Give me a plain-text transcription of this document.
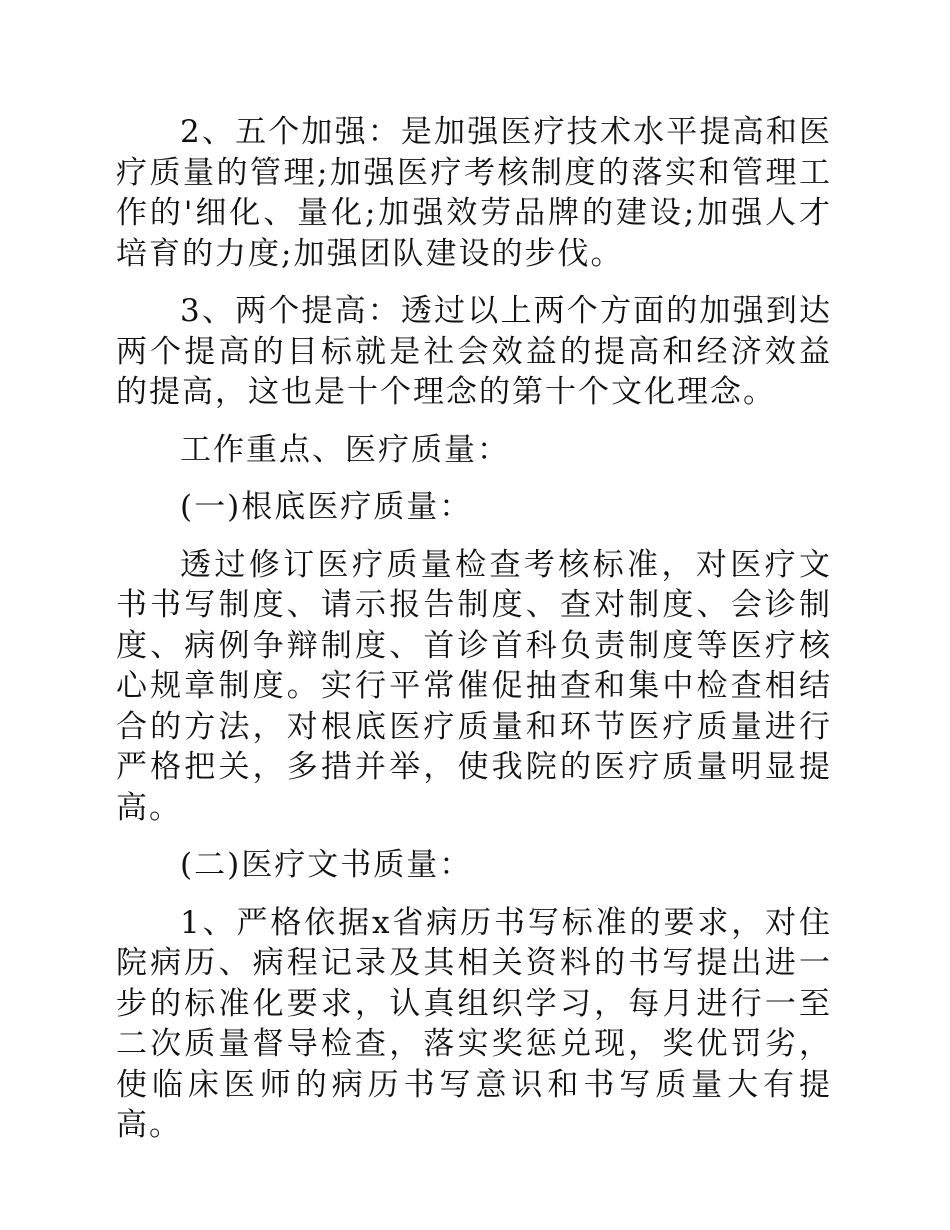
2、五个加强：是加强医疗技术水平提高和医疗质量的管理;加强医疗考核制度的落实和管理工作的'细化、量化;加强效劳品牌的建设;加强人才培育的力度;加强团队建设的步伐。

3、两个提高：透过以上两个方面的加强到达两个提高的目标就是社会效益的提高和经济效益的提高，这也是十个理念的第十个文化理念。

工作重点、医疗质量：

(一)根底医疗质量：

透过修订医疗质量检查考核标准，对医疗文书书写制度、请示报告制度、查对制度、会诊制度、病例争辩制度、首诊首科负责制度等医疗核心规章制度。实行平常催促抽查和集中检查相结合的方法，对根底医疗质量和环节医疗质量进行严格把关，多措并举，使我院的医疗质量明显提高。

(二)医疗文书质量：

1、严格依据x省病历书写标准的要求，对住院病历、病程记录及其相关资料的书写提出进一步的标准化要求，认真组织学习，每月进行一至二次质量督导检查，落实奖惩兑现，奖优罚劣，使临床医师的病历书写意识和书写质量大有提高。
